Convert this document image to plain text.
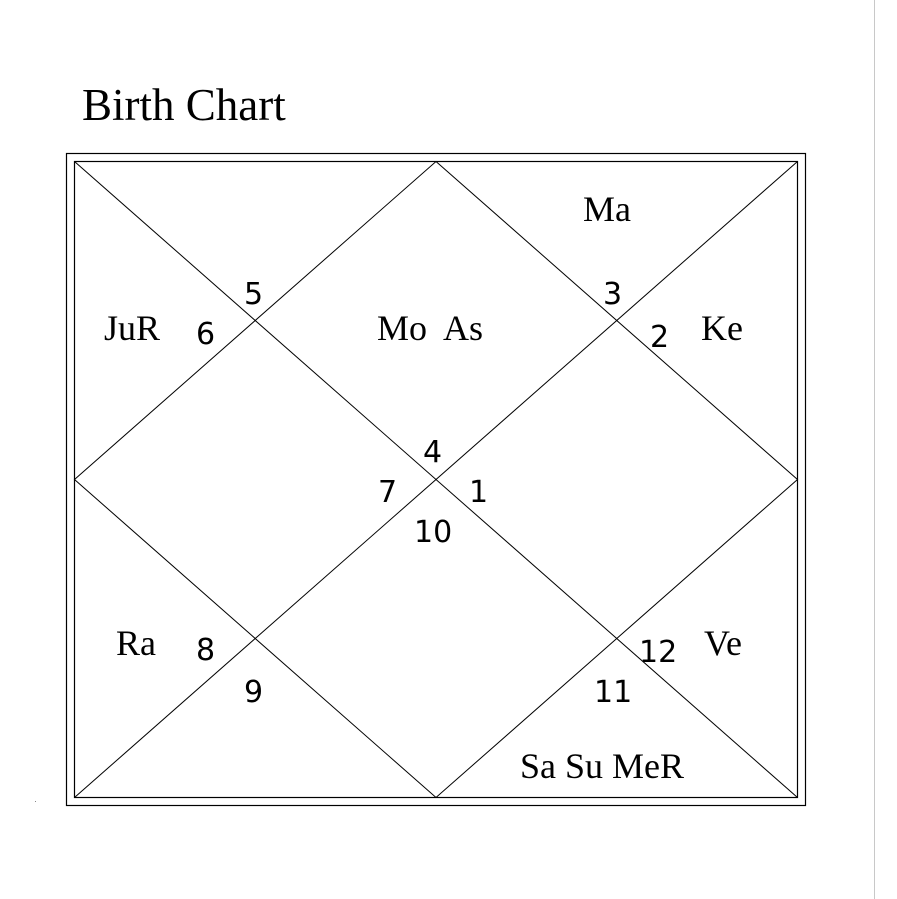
Birth Chart
Ma
JuR	Mo  As	Ke
Ra	Ve
Sa Su MeR
5
6
3
2
4
7 1
10
8
9
12
11
